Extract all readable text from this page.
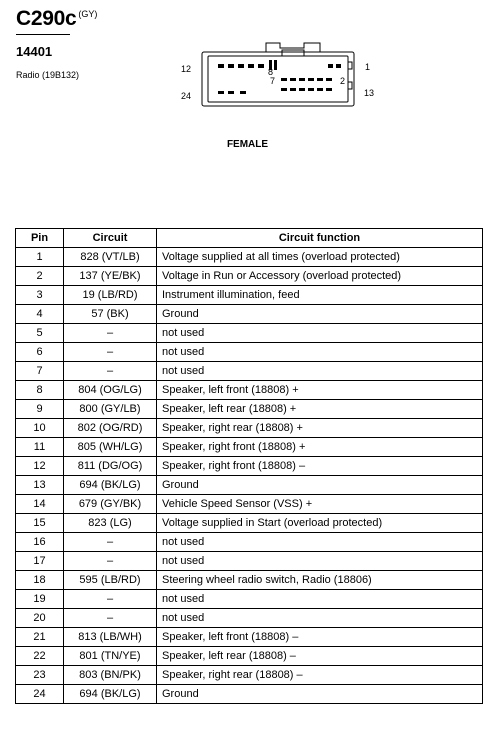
C290c (GY)
14401
Radio (19B132)
12	1
8
7	2
24	13
FEMALE
Pin	Circuit	Circuit function
1	828 (VT/LB)	Voltage supplied at all times (overload protected)
2	137 (YE/BK)	Voltage in Run or Accessory (overload protected)
3	19 (LB/RD)	Instrument illumination, feed
4	57 (BK)	Ground
5	–	not used
6	–	not used
7	–	not used
8	804 (OG/LG)	Speaker, left front (18808) +
9	800 (GY/LB)	Speaker, left rear (18808) +
10	802 (OG/RD)	Speaker, right rear (18808) +
11	805 (WH/LG)	Speaker, right front (18808) +
12	811 (DG/OG)	Speaker, right front (18808) –
13	694 (BK/LG)	Ground
14	679 (GY/BK)	Vehicle Speed Sensor (VSS) +
15	823 (LG)	Voltage supplied in Start (overload protected)
16	–	not used
17	–	not used
18	595 (LB/RD)	Steering wheel radio switch, Radio (18806)
19	–	not used
20	–	not used
21	813 (LB/WH)	Speaker, left front (18808) –
22	801 (TN/YE)	Speaker, left rear (18808) –
23	803 (BN/PK)	Speaker, right rear (18808) –
24	694 (BK/LG)	Ground
